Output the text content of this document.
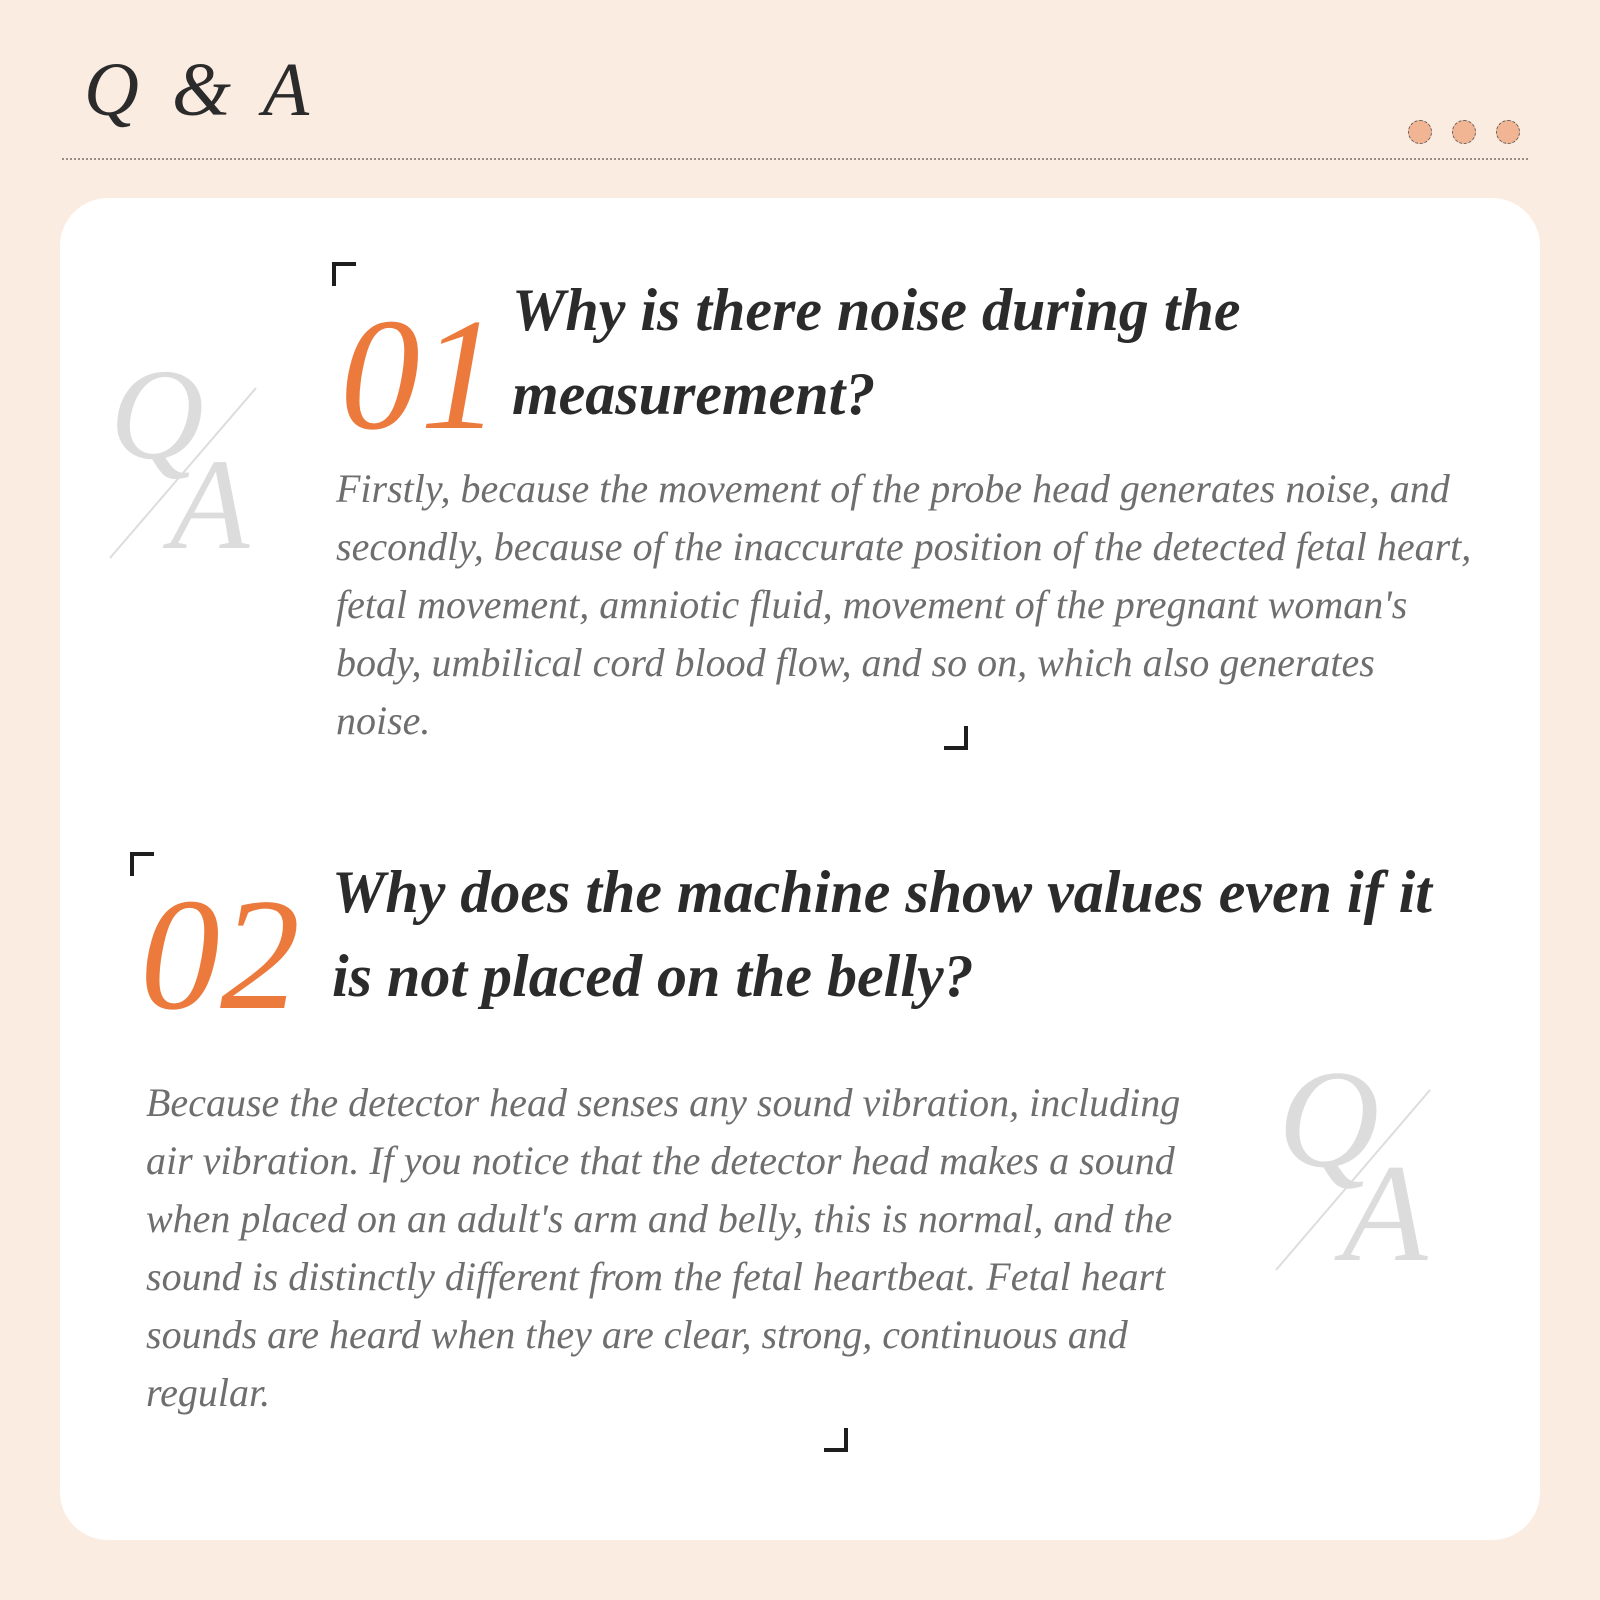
Q & A
Q
A
Q
A
01 Why is there noise during the measurement?

Firstly, because the movement of the probe head generates noise, and secondly, because of the inaccurate position of the detected fetal heart, fetal movement, amniotic fluid, movement of the pregnant woman's body, umbilical cord blood flow, and so on, which also generates noise.

02 Why does the machine show values even if it is not placed on the belly?

Because the detector head senses any sound vibration, including air vibration. If you notice that the detector head makes a sound when placed on an adult's arm and belly, this is normal, and the sound is distinctly different from the fetal heartbeat. Fetal heart sounds are heard when they are clear, strong, continuous and regular.
